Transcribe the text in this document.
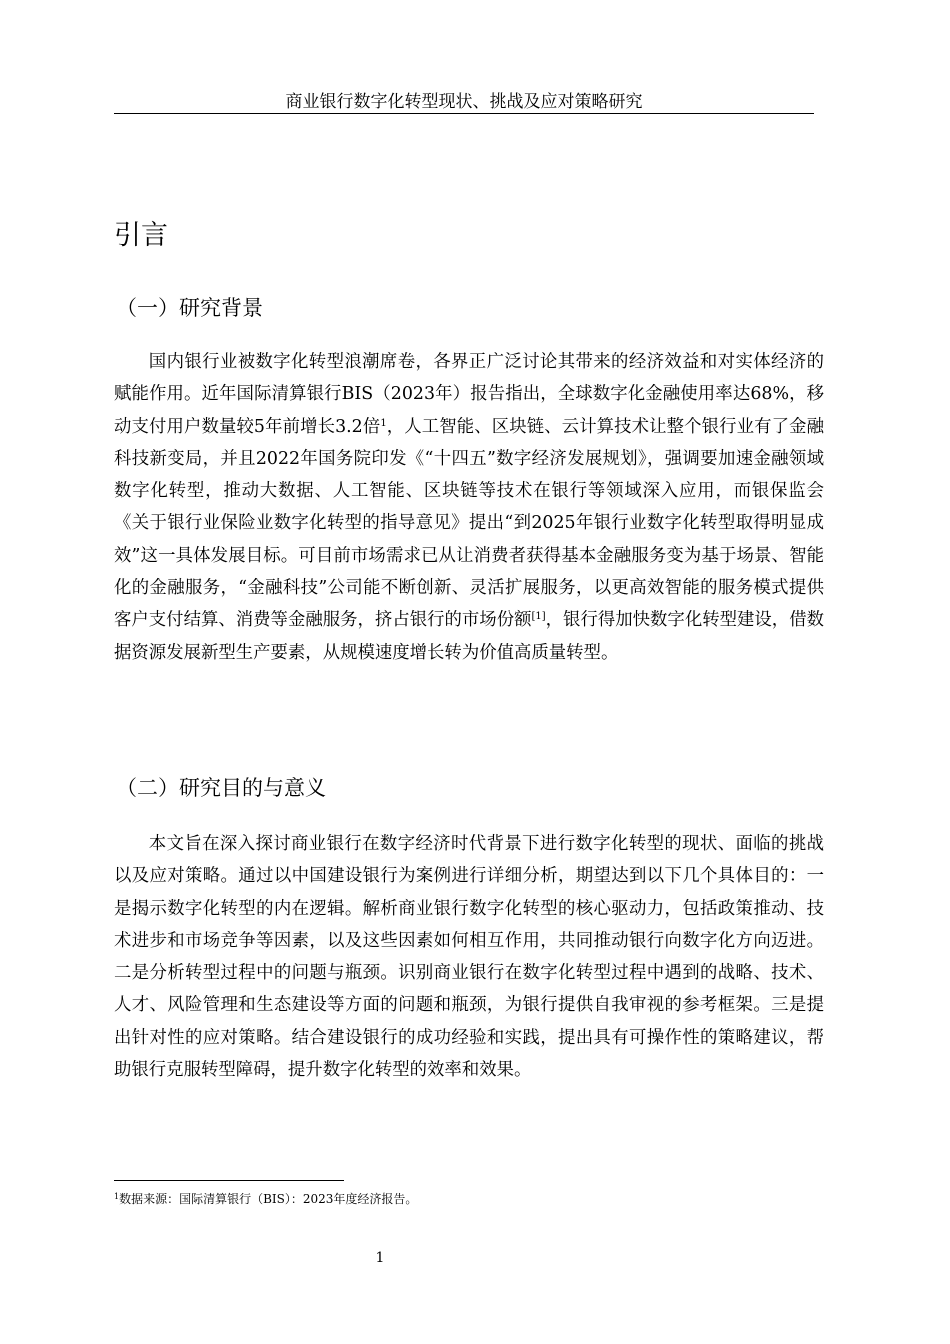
商业银行数字化转型现状、挑战及应对策略研究
引言
（一）研究背景

国内银行业被数字化转型浪潮席卷，各界正广泛讨论其带来的经济效益和对实体经济的赋能作用。近年国际清算银行BIS（2023年）报告指出，全球数字化金融使用率达68%，移动支付用户数量较5年前增长3.2倍$^1$，人工智能、区块链、云计算技术让整个银行业有了金融科技新变局，并且2022年国务院印发《“十四五”数字经济发展规划》，强调要加速金融领域数字化转型，推动大数据、人工智能、区块链等技术在银行等领域深入应用，而银保监会《关于银行业保险业数字化转型的指导意见》提出“到2025年银行业数字化转型取得明显成效”这一具体发展目标。可目前市场需求已从让消费者获得基本金融服务变为基于场景、智能化的金融服务，“金融科技”公司能不断创新、灵活扩展服务，以更高效智能的服务模式提供客户支付结算、消费等金融服务，挤占银行的市场份额[1]，银行得加快数字化转型建设，借数据资源发展新型生产要素，从规模速度增长转为价值高质量转型。

（二）研究目的与意义

本文旨在深入探讨商业银行在数字经济时代背景下进行数字化转型的现状、面临的挑战以及应对策略。通过以中国建设银行为案例进行详细分析，期望达到以下几个具体目的：一是揭示数字化转型的内在逻辑。解析商业银行数字化转型的核心驱动力，包括政策推动、技术进步和市场竞争等因素，以及这些因素如何相互作用，共同推动银行向数字化方向迈进。二是分析转型过程中的问题与瓶颈。识别商业银行在数字化转型过程中遇到的战略、技术、人才、风险管理和生态建设等方面的问题和瓶颈，为银行提供自我审视的参考框架。三是提出针对性的应对策略。结合建设银行的成功经验和实践，提出具有可操作性的策略建议，帮助银行克服转型障碍，提升数字化转型的效率和效果。

$^1$数据来源：国际清算银行（BIS）：2023年度经济报告。
1
